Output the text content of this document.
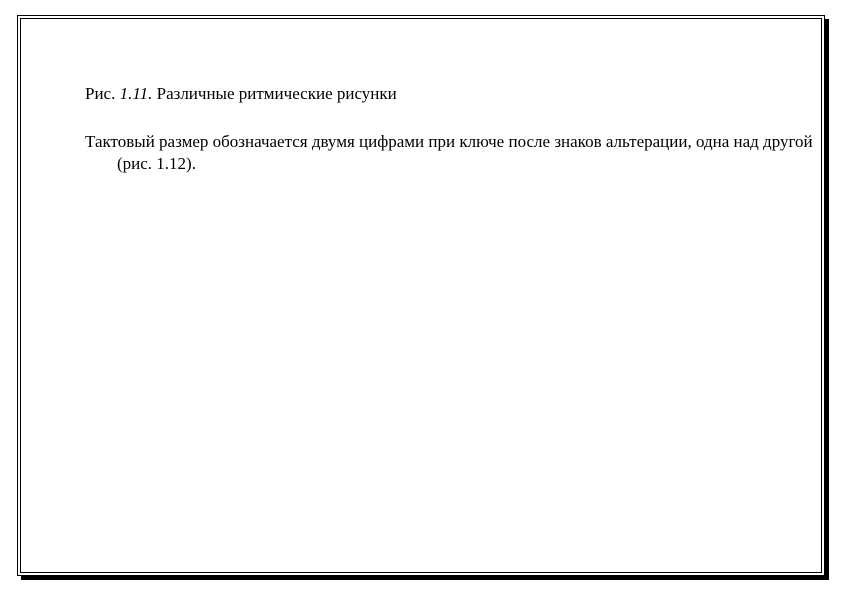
Рис. 1.11. Различные ритмические рисунки
Тактовый размер обозначается двумя цифрами при ключе после знаков альтерации, одна над другой (рис. 1.12).
